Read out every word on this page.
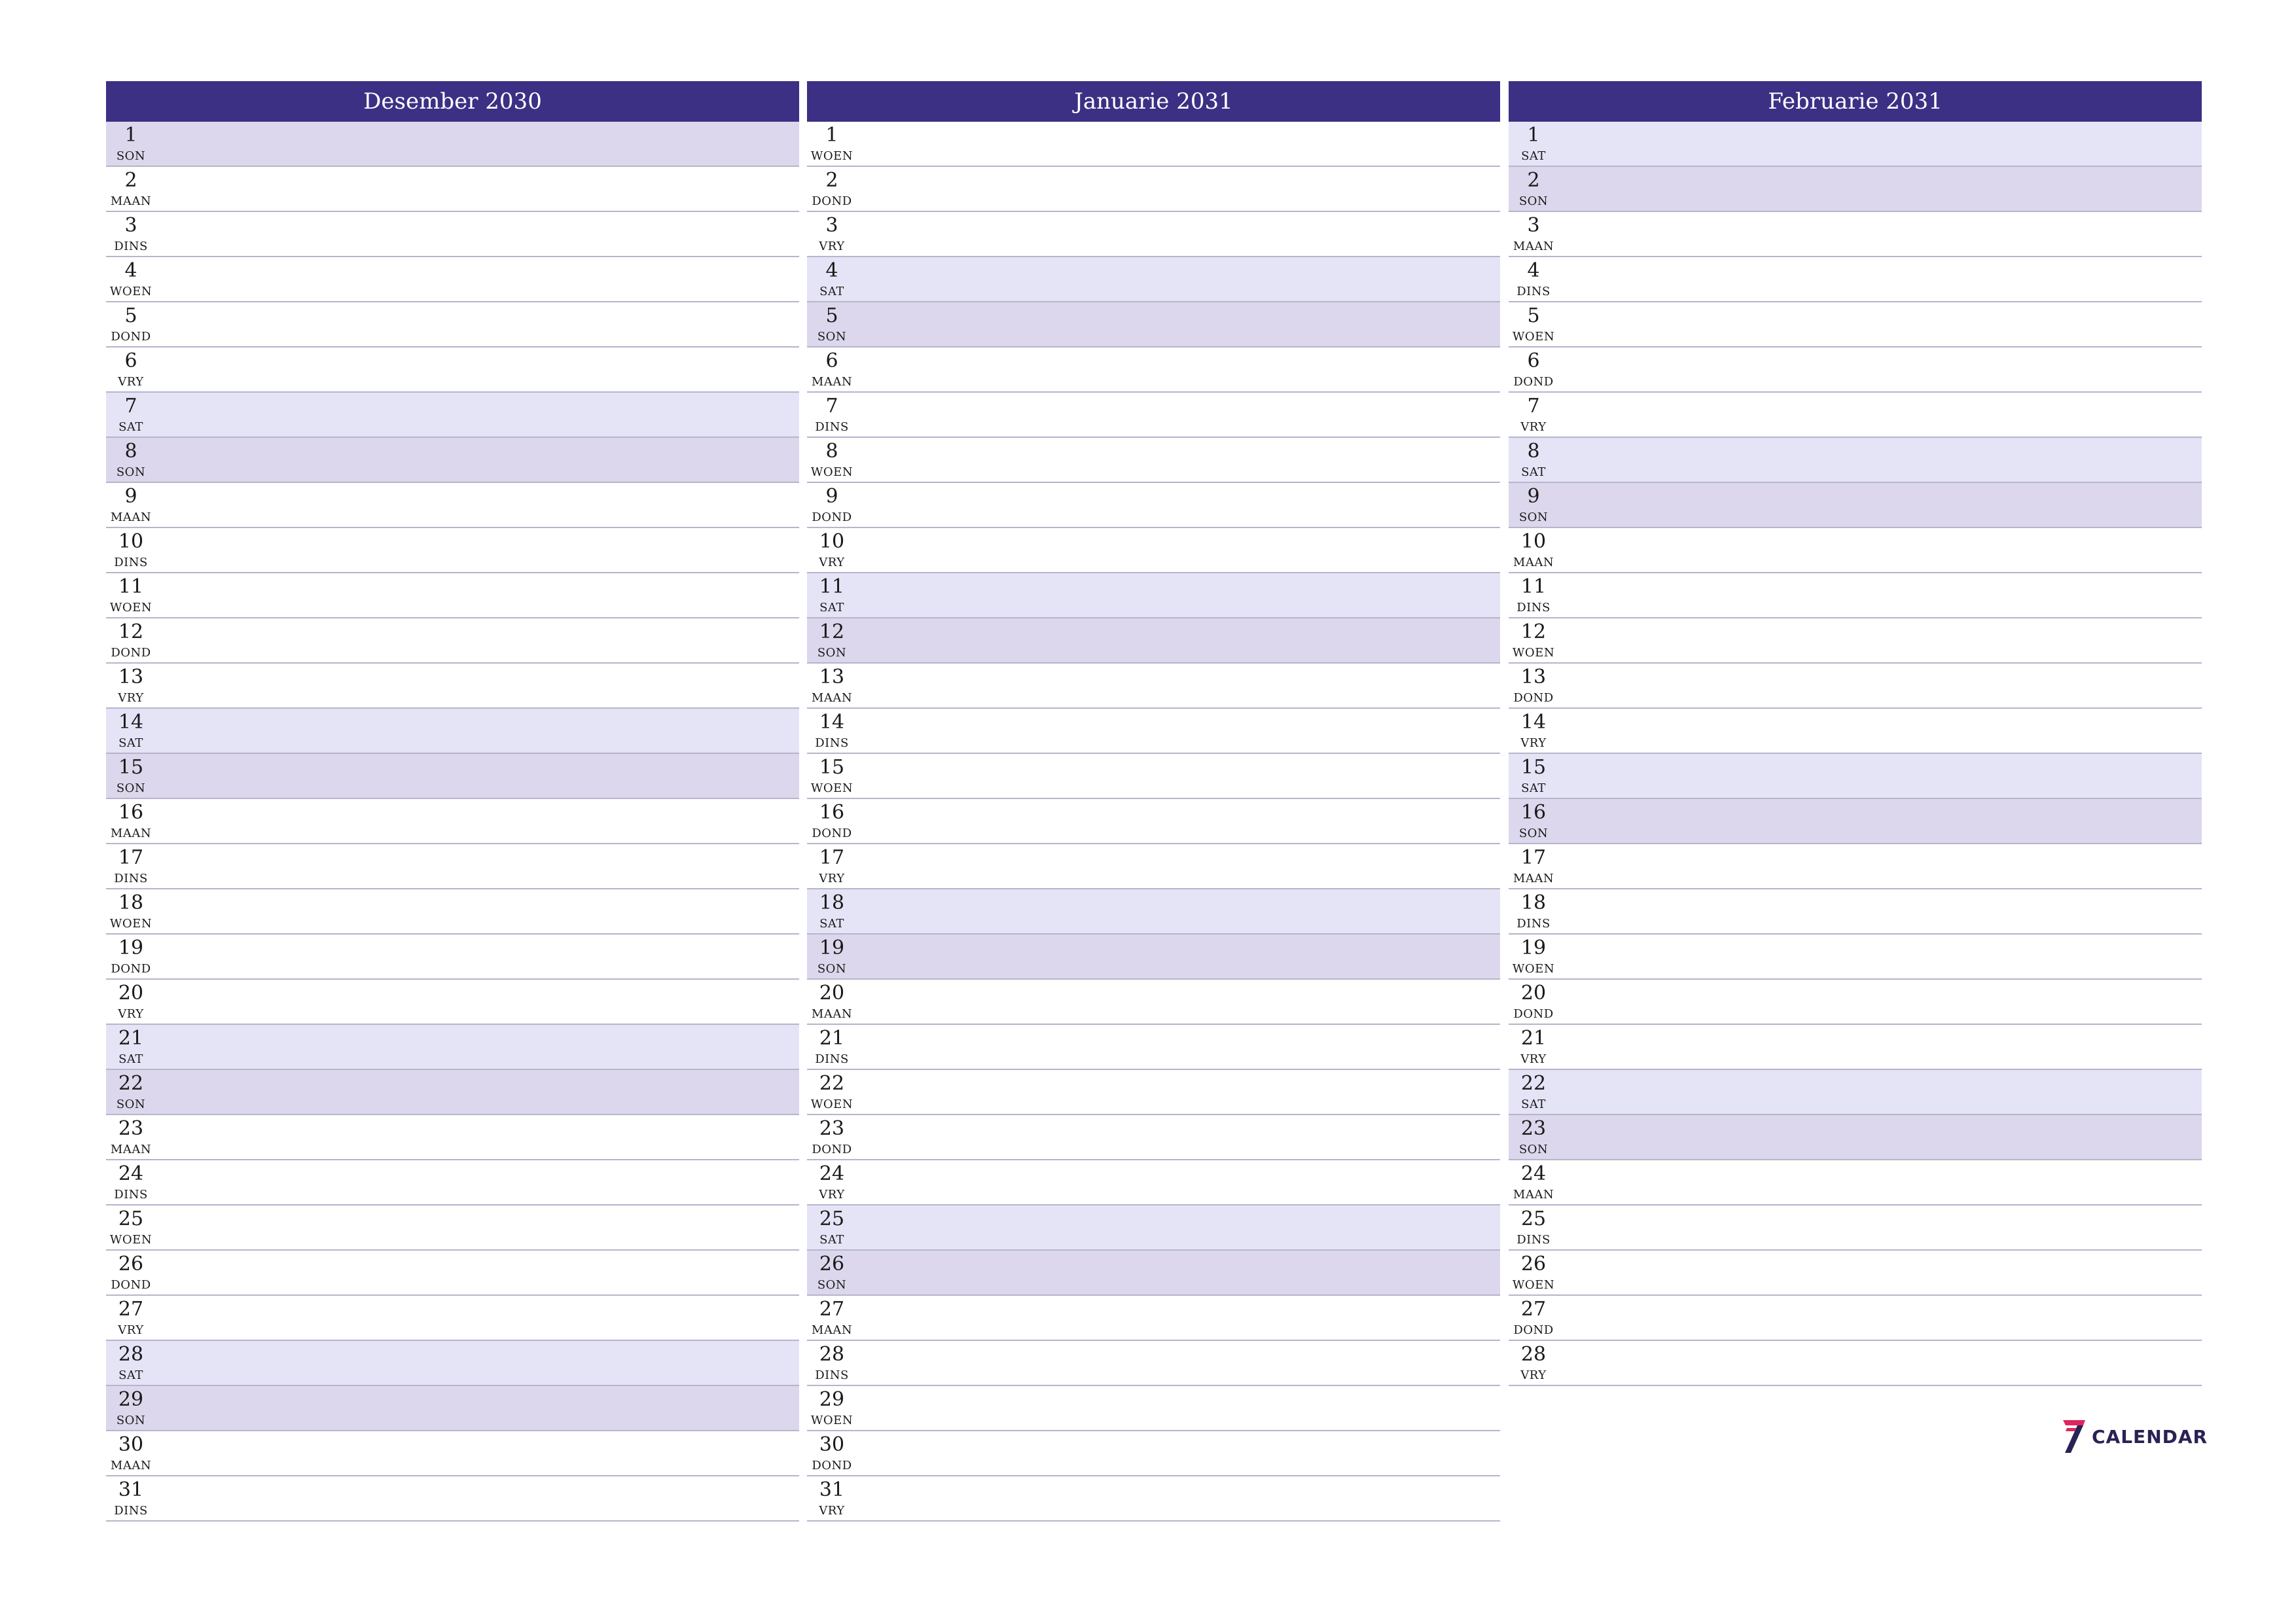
Desember 2030
1
SON
2
MAAN
3
DINS
4
WOEN
5
DOND
6
VRY
7
SAT
8
SON
9
MAAN
10
DINS
11
WOEN
12
DOND
13
VRY
14
SAT
15
SON
16
MAAN
17
DINS
18
WOEN
19
DOND
20
VRY
21
SAT
22
SON
23
MAAN
24
DINS
25
WOEN
26
DOND
27
VRY
28
SAT
29
SON
30
MAAN
31
DINS
Januarie 2031
1
WOEN
2
DOND
3
VRY
4
SAT
5
SON
6
MAAN
7
DINS
8
WOEN
9
DOND
10
VRY
11
SAT
12
SON
13
MAAN
14
DINS
15
WOEN
16
DOND
17
VRY
18
SAT
19
SON
20
MAAN
21
DINS
22
WOEN
23
DOND
24
VRY
25
SAT
26
SON
27
MAAN
28
DINS
29
WOEN
30
DOND
31
VRY
Februarie 2031
1
SAT
2
SON
3
MAAN
4
DINS
5
WOEN
6
DOND
7
VRY
8
SAT
9
SON
10
MAAN
11
DINS
12
WOEN
13
DOND
14
VRY
15
SAT
16
SON
17
MAAN
18
DINS
19
WOEN
20
DOND
21
VRY
22
SAT
23
SON
24
MAAN
25
DINS
26
WOEN
27
DOND
28
VRY
CALENDAR
